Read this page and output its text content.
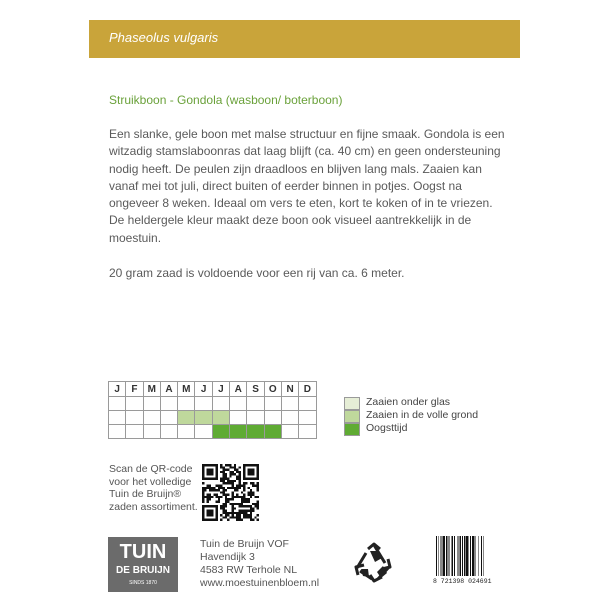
Phaseolus vulgaris
Struikboon - Gondola (wasboon/ boterboon)

Een slanke, gele boon met malse structuur en fijne smaak. Gondola is een witzadig stamslaboonras dat laag blijft (ca. 40 cm) en geen ondersteuning nodig heeft. De peulen zijn draadloos en blijven lang mals. Zaaien kan vanaf mei tot juli, direct buiten of eerder binnen in potjes. Oogst na ongeveer 8 weken. Ideaal om vers te eten, kort te koken of in te vriezen. De heldergele kleur maakt deze boon ook visueel aantrekkelijk in de moestuin.

20 gram zaad is voldoende voor een rij van ca. 6 meter.

J	F	M	A	M	J	J	A	S	O	N	D

Zaaien onder glas
Zaaien in de volle grond
Oogsttijd
Scan de QR-code
voor het volledige
Tuin de Bruijn®
zaden assortiment.
TUIN
DE BRUIJN
SINDS 1870
Tuin de Bruijn VOF
Havendijk 3
4583 RW Terhole NL
www.moestuinenbloem.nl	8 721398 024691
